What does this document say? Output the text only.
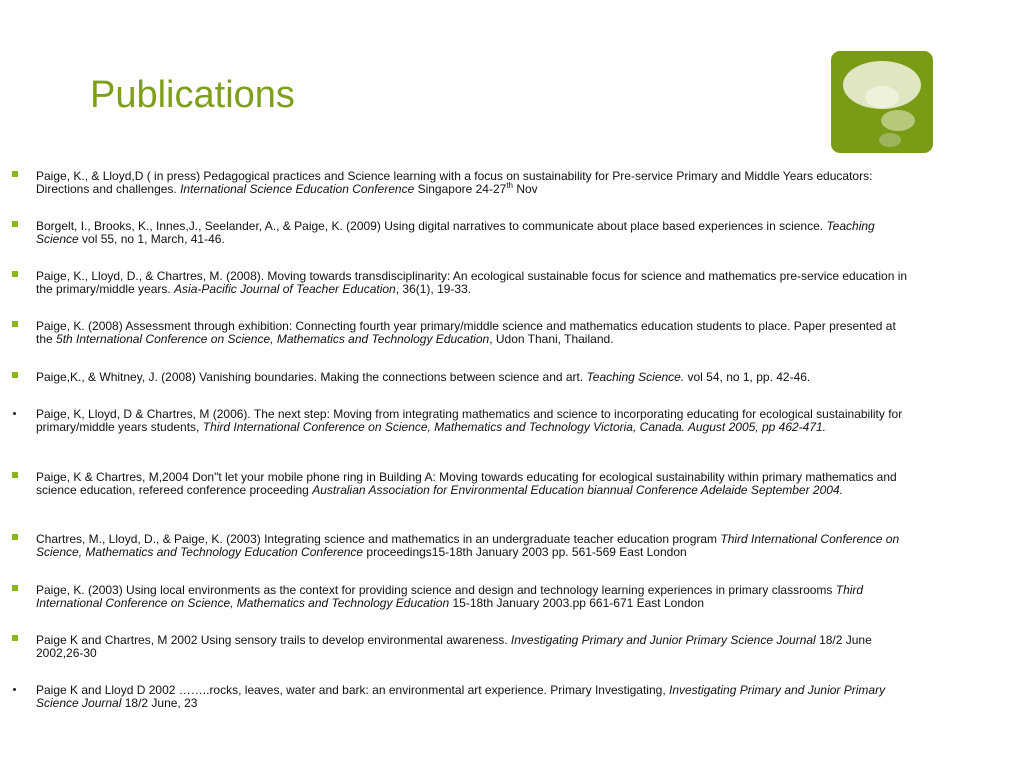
Publications
Paige, K., & Lloyd,D ( in press) Pedagogical practices and Science learning with a focus on sustainability for Pre-service Primary and Middle Years educators: Directions and challenges. International Science Education Conference Singapore 24-27th Nov
Borgelt, I., Brooks, K., Innes,J., Seelander, A., & Paige, K. (2009) Using digital narratives to communicate about place based experiences in science. Teaching Science vol 55, no 1, March, 41-46.
Paige, K., Lloyd, D., & Chartres, M. (2008). Moving towards transdisciplinarity: An ecological sustainable focus for science and mathematics pre-service education in the primary/middle years. Asia-Pacific Journal of Teacher Education, 36(1), 19-33.
Paige, K. (2008) Assessment through exhibition: Connecting fourth year primary/middle science and mathematics education students to place. Paper presented at the 5th International Conference on Science, Mathematics and Technology Education, Udon Thani, Thailand.
Paige,K., & Whitney, J. (2008) Vanishing boundaries. Making the connections between science and art. Teaching Science. vol 54, no 1, pp. 42-46.
Paige, K, Lloyd, D & Chartres, M (2006). The next step: Moving from integrating mathematics and science to incorporating educating for ecological sustainability for primary/middle years students, Third International Conference on Science, Mathematics and Technology Victoria, Canada. August 2005, pp 462-471.
Paige, K & Chartres, M,2004 Don"t let your mobile phone ring in Building A: Moving towards educating for ecological sustainability within primary mathematics and science education, refereed conference proceeding Australian Association for Environmental Education biannual Conference Adelaide September 2004.
Chartres, M., Lloyd, D., & Paige, K. (2003) Integrating science and mathematics in an undergraduate teacher education program Third International Conference on Science, Mathematics and Technology Education Conference proceedings15-18th January 2003 pp. 561-569 East London
Paige, K. (2003) Using local environments as the context for providing science and design and technology learning experiences in primary classrooms Third International Conference on Science, Mathematics and Technology Education 15-18th January 2003.pp 661-671 East London
Paige K and Chartres, M 2002 Using sensory trails to develop environmental awareness. Investigating Primary and Junior Primary Science Journal 18/2 June 2002,26-30
Paige K and Lloyd D 2002 ……..rocks, leaves, water and bark: an environmental art experience. Primary Investigating, Investigating Primary and Junior Primary Science Journal 18/2 June, 23
